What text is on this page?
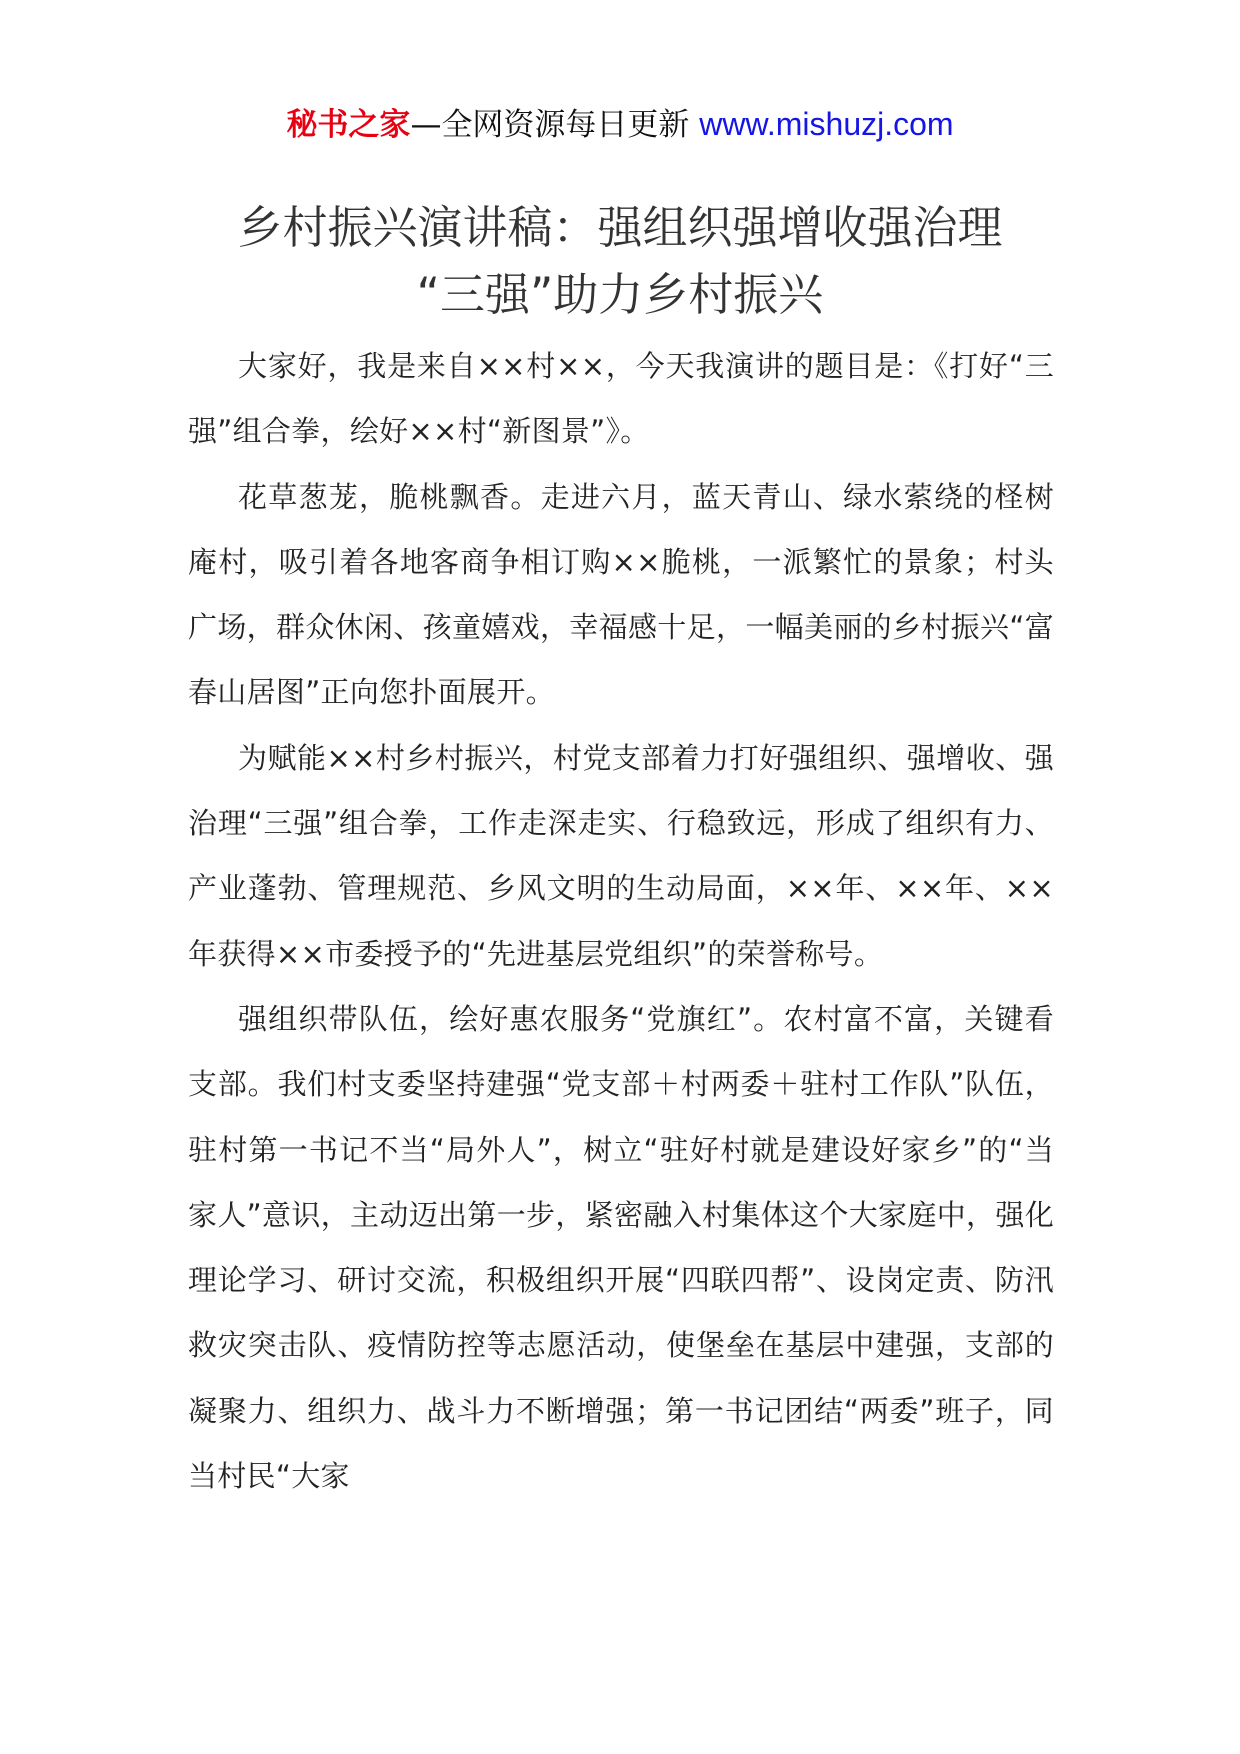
秘书之家—全网资源每日更新 www.mishuzj.com
乡村振兴演讲稿：强组织强增收强治理
“三强”助力乡村振兴

大家好，我是来自××村××，今天我演讲的题目是：《打好“三强”组合拳，绘好××村“新图景”》。

花草葱茏，脆桃飘香。走进六月，蓝天青山、绿水萦绕的柽树庵村，吸引着各地客商争相订购××脆桃，一派繁忙的景象；村头广场，群众休闲、孩童嬉戏，幸福感十足，一幅美丽的乡村振兴“富春山居图”正向您扑面展开。

为赋能××村乡村振兴，村党支部着力打好强组织、强增收、强治理“三强”组合拳，工作走深走实、行稳致远，形成了组织有力、产业蓬勃、管理规范、乡风文明的生动局面，××年、××年、××年获得××市委授予的“先进基层党组织”的荣誉称号。

强组织带队伍，绘好惠农服务“党旗红”。农村富不富，关键看支部。我们村支委坚持建强“党支部＋村两委＋驻村工作队”队伍，驻村第一书记不当“局外人”，树立“驻好村就是建设好家乡”的“当家人”意识，主动迈出第一步，紧密融入村集体这个大家庭中，强化理论学习、研讨交流，积极组织开展“四联四帮”、设岗定责、防汛救灾突击队、疫情防控等志愿活动，使堡垒在基层中建强，支部的凝聚力、组织力、战斗力不断增强；第一书记团结“两委”班子，同当村民“大家
